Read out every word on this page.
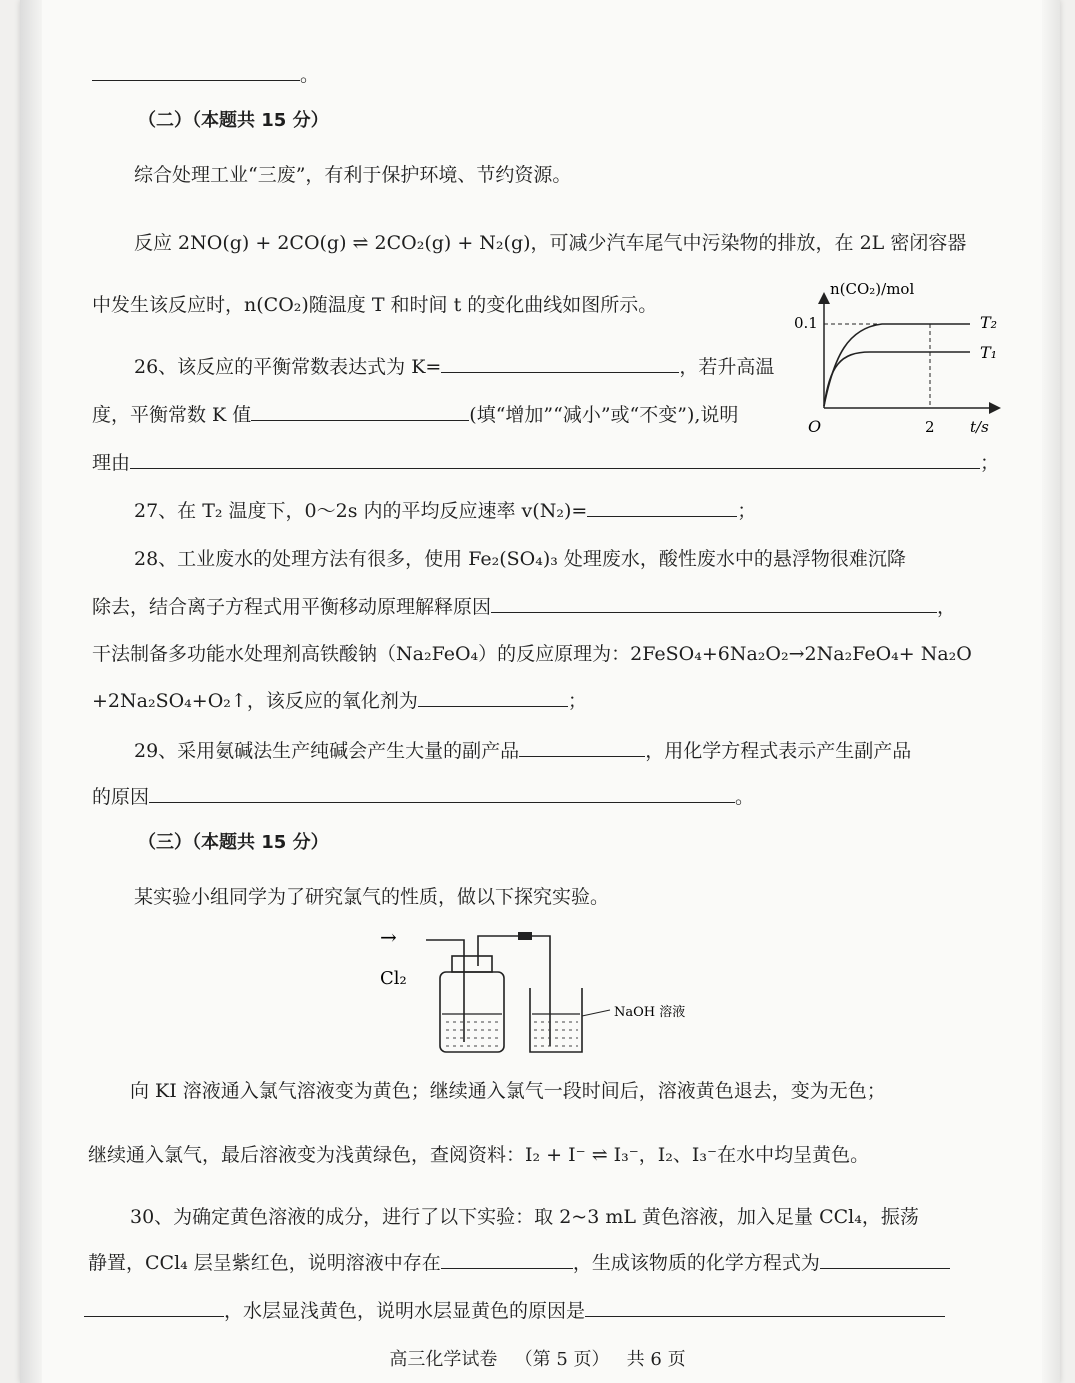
。
（二）（本题共 15 分）
综合处理工业“三废”，有利于保护环境、节约资源。
反应 2NO(g) + 2CO(g) ⇌ 2CO₂(g) + N₂(g)，可减少汽车尾气中污染物的排放，在 2L 密闭容器
中发生该反应时，n(CO₂)随温度 T 和时间 t 的变化曲线如图所示。
n(CO₂)/mol
0.1	T₂
T₁
O	2 t/s
26、该反应的平衡常数表达式为 K=	，若升高温
度，平衡常数 K 值	(填“增加”“减小”或“不变”),说明
理由	；
27、在 T₂ 温度下，0～2s 内的平均反应速率 v(N₂)=	；
28、工业废水的处理方法有很多，使用 Fe₂(SO₄)₃ 处理废水，酸性废水中的悬浮物很难沉降
除去，结合离子方程式用平衡移动原理解释原因	，
干法制备多功能水处理剂高铁酸钠（Na₂FeO₄）的反应原理为：2FeSO₄+6Na₂O₂→2Na₂FeO₄+ Na₂O
+2Na₂SO₄+O₂↑，该反应的氧化剂为	；
29、采用氨碱法生产纯碱会产生大量的副产品	，用化学方程式表示产生副产品
的原因	。
（三）（本题共 15 分）
某实验小组同学为了研究氯气的性质，做以下探究实验。
→
Cl₂
NaOH 溶液
向 KI 溶液通入氯气溶液变为黄色；继续通入氯气一段时间后，溶液黄色退去，变为无色；
继续通入氯气，最后溶液变为浅黄绿色，查阅资料：I₂ + I⁻ ⇌ I₃⁻，I₂、I₃⁻在水中均呈黄色。
30、为确定黄色溶液的成分，进行了以下实验：取 2~3 mL 黄色溶液，加入足量 CCl₄，振荡
静置，CCl₄ 层呈紫红色，说明溶液中存在	，生成该物质的化学方程式为
，水层显浅黄色，说明水层显黄色的原因是
高三化学试卷 （第 5 页） 共 6 页
